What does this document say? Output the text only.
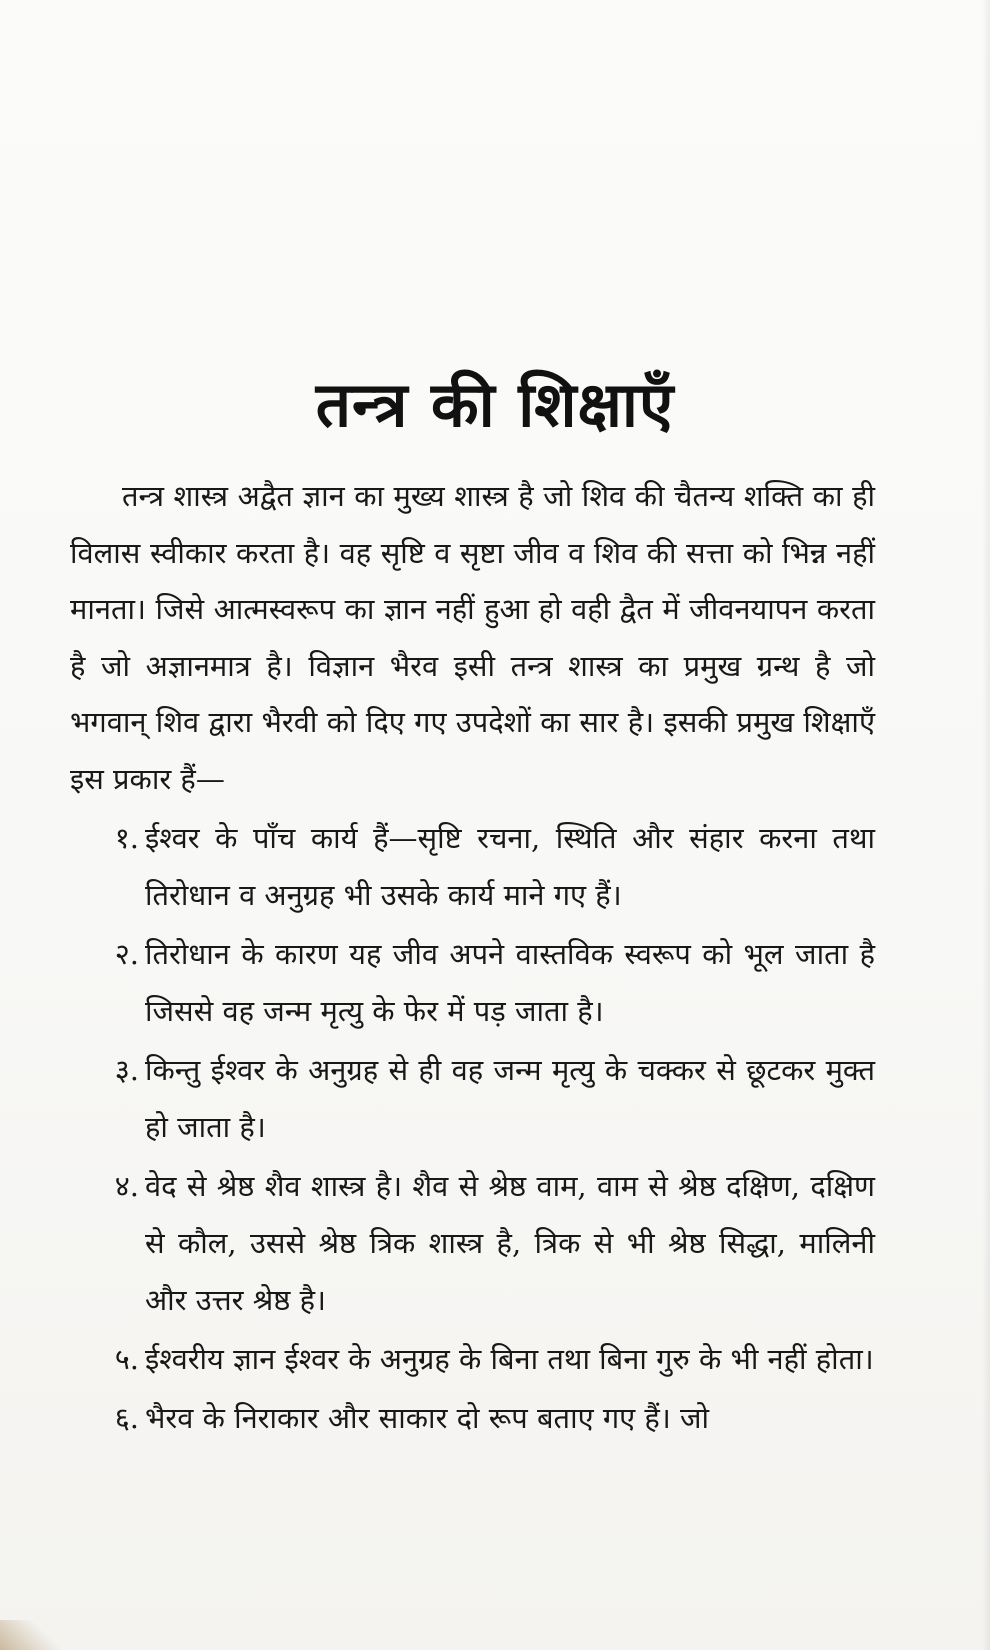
तन्त्र की शिक्षाएँ

तन्त्र शास्त्र अद्वैत ज्ञान का मुख्य शास्त्र है जो शिव की चैतन्य शक्ति का ही विलास स्वीकार करता है। वह सृष्टि व सृष्टा जीव व शिव की सत्ता को भिन्न नहीं मानता। जिसे आत्मस्वरूप का ज्ञान नहीं हुआ हो वही द्वैत में जीवनयापन करता है जो अज्ञानमात्र है। विज्ञान भैरव इसी तन्त्र शास्त्र का प्रमुख ग्रन्थ है जो भगवान् शिव द्वारा भैरवी को दिए गए उपदेशों का सार है। इसकी प्रमुख शिक्षाएँ इस प्रकार हैं—

१. ईश्वर के पाँच कार्य हैं—सृष्टि रचना, स्थिति और संहार करना तथा तिरोधान व अनुग्रह भी उसके कार्य माने गए हैं।
२. तिरोधान के कारण यह जीव अपने वास्तविक स्वरूप को भूल जाता है जिससे वह जन्म मृत्यु के फेर में पड़ जाता है।
३. किन्तु ईश्वर के अनुग्रह से ही वह जन्म मृत्यु के चक्कर से छूटकर मुक्त हो जाता है।
४. वेद से श्रेष्ठ शैव शास्त्र है। शैव से श्रेष्ठ वाम, वाम से श्रेष्ठ दक्षिण, दक्षिण से कौल, उससे श्रेष्ठ त्रिक शास्त्र है, त्रिक से भी श्रेष्ठ सिद्धा, मालिनी और उत्तर श्रेष्ठ है।
५. ईश्वरीय ज्ञान ईश्वर के अनुग्रह के बिना तथा बिना गुरु के भी नहीं होता।
६. भैरव के निराकार और साकार दो रूप बताए गए हैं। जो
